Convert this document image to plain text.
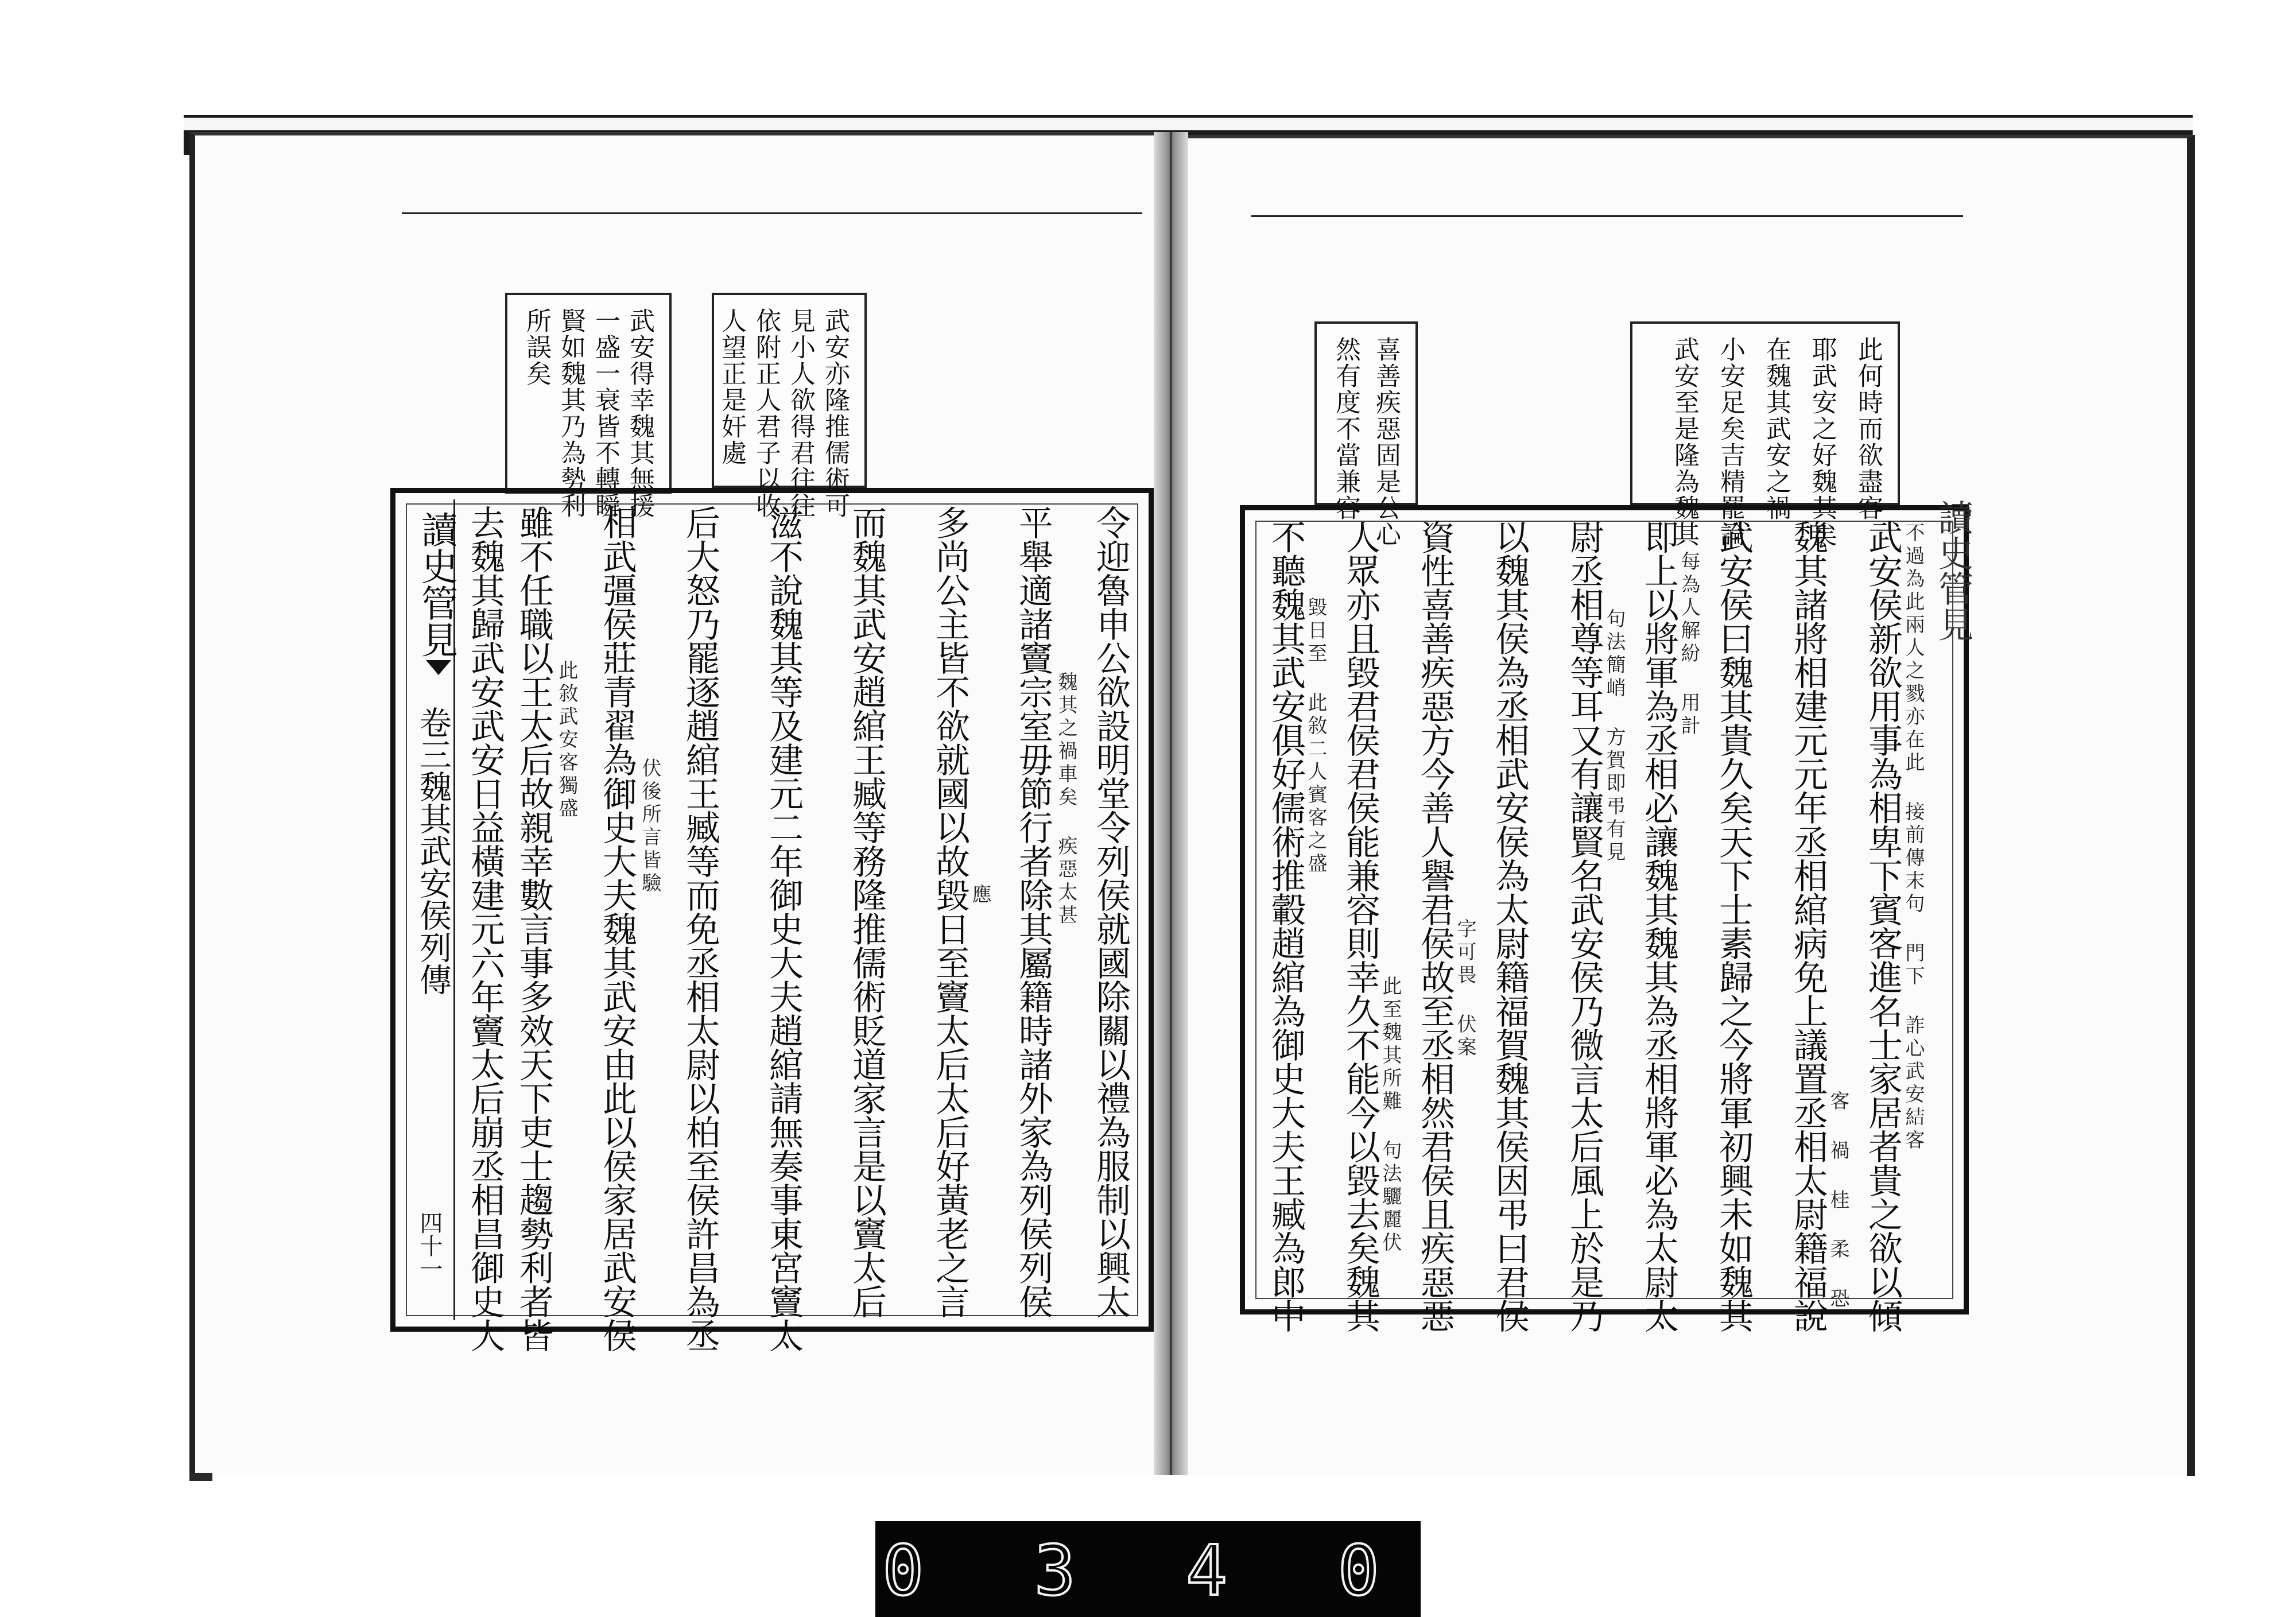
武安得幸魏其無援
一盛一衰皆不轉瞬
賢如魏其乃為勢利
所誤矣	武安亦隆推儒術可
見小人欲得君往往
依附正人君子以收
人望正是奸處
讀史管見
卷三魏其武安侯列傳
四十一	令迎魯申公欲設明堂令列侯就國除關以禮為服制以興太
平舉適諸竇宗室毋節行者除其屬籍時諸外家為列侯列侯 魏其之禍車矣 疾惡太甚
多尚公主皆不欲就國以故毀日至竇太后太后好黃老之言
應
而魏其武安趙綰王臧等務隆推儒術貶道家言是以竇太后
滋不說魏其等及建元二年御史大夫趙綰請無奏事東宮竇太
后大怒乃罷逐趙綰王臧等而免丞相太尉以柏至侯許昌為丞
相武彊侯莊青翟為御史大夫魏其武安由此以侯家居武安侯 伏後所言皆驗
雖不任職以王太后故親幸數言事多效天下吏士趨勢利者皆 此敘武安客獨盛
去魏其歸武安武安日益橫建元六年竇太后崩丞相昌御史大
喜善疾惡固是公心
然有度不當兼容	此何時而欲盡客
耶武安之好魏其矣
在魏其武安之禍
小安足矣吉精罷論
武安至是隆為魏其
讀史管見
武安侯新欲用事為相卑下賓客進名士家居者貴之欲以傾
不過為此兩人之戮亦在此 接前傳末句 門下 詐心武安結客
魏其諸將相建元元年丞相綰病免上議置丞相太尉籍福說
客 禍 桂 柔 恐
武安侯曰魏其貴久矣天下士素歸之今將軍初興未如魏其
即上以將軍為丞相必讓魏其魏其為丞相將軍必為太尉太
每為人解紛 用計
尉丞相尊等耳又有讓賢名武安侯乃微言太后風上於是乃
句法簡峭 方賀即弔有見
以魏其侯為丞相武安侯為太尉籍福賀魏其侯因弔曰君侯
資性喜善疾惡方今善人譽君侯故至丞相然君侯且疾惡惡
字可畏 伏案
人眾亦且毀君侯君侯能兼容則幸久不能今以毀去矣魏其
此至魏其所難 句法驪麗伏
不聽魏其武安俱好儒術推轂趙綰為御史大夫王臧為郎中
毀日至 此敘二人賓客之盛
0 3 4 0
